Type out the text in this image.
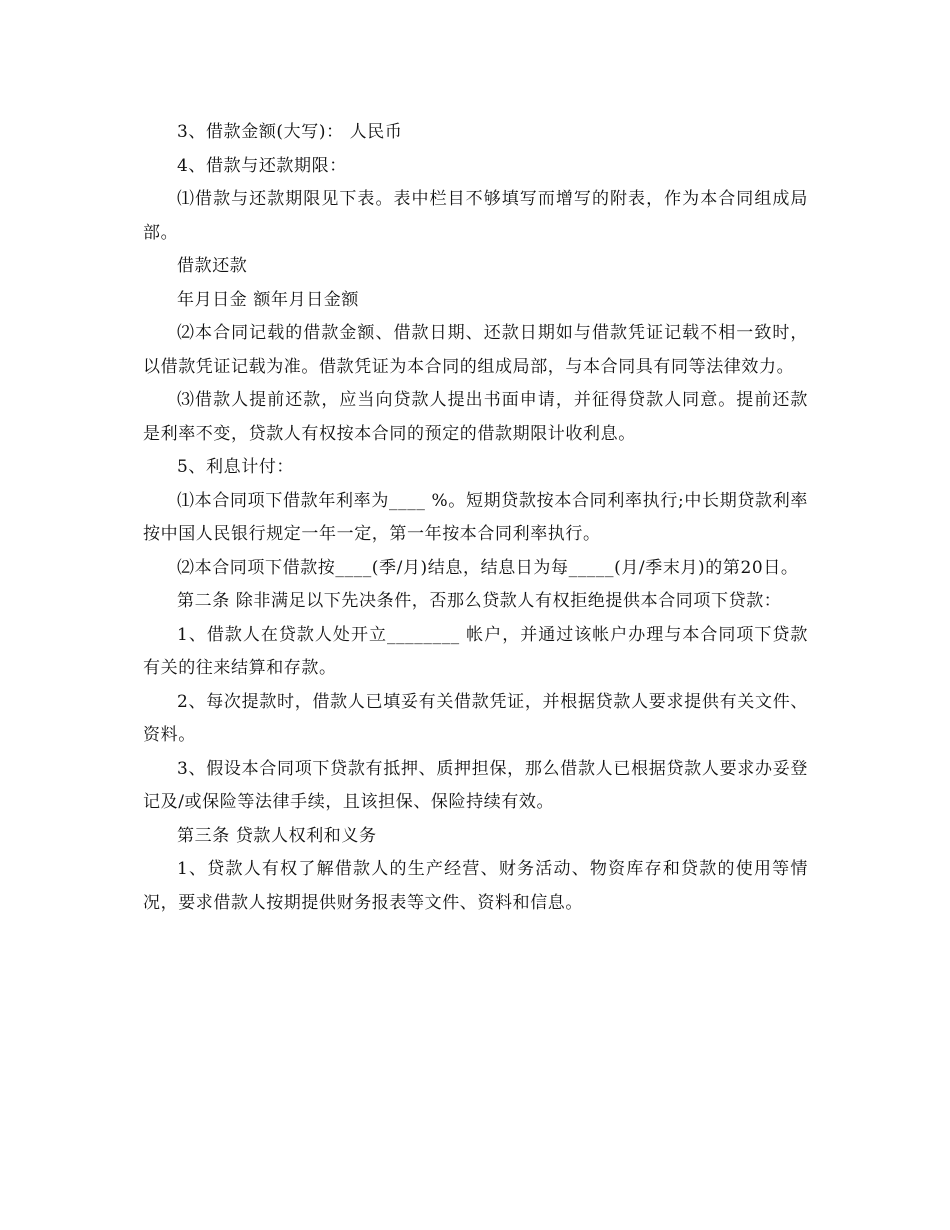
3、借款金额(大写)： 人民币

4、借款与还款期限：

⑴借款与还款期限见下表。表中栏目不够填写而增写的附表，作为本合同组成局部。

借款还款

年月日金 额年月日金额

⑵本合同记载的借款金额、借款日期、还款日期如与借款凭证记载不相一致时，以借款凭证记载为准。借款凭证为本合同的组成局部，与本合同具有同等法律效力。

⑶借款人提前还款，应当向贷款人提出书面申请，并征得贷款人同意。提前还款是利率不变，贷款人有权按本合同的预定的借款期限计收利息。

5、利息计付：

⑴本合同项下借款年利率为____ %。短期贷款按本合同利率执行;中长期贷款利率按中国人民银行规定一年一定，第一年按本合同利率执行。

⑵本合同项下借款按____(季/月)结息，结息日为每_____(月/季末月)的第20日。

第二条 除非满足以下先决条件，否那么贷款人有权拒绝提供本合同项下贷款：

1、借款人在贷款人处开立________ 帐户，并通过该帐户办理与本合同项下贷款有关的往来结算和存款。

2、每次提款时，借款人已填妥有关借款凭证，并根据贷款人要求提供有关文件、资料。

3、假设本合同项下贷款有抵押、质押担保，那么借款人已根据贷款人要求办妥登记及/或保险等法律手续，且该担保、保险持续有效。

第三条 贷款人权利和义务

1、贷款人有权了解借款人的生产经营、财务活动、物资库存和贷款的使用等情况，要求借款人按期提供财务报表等文件、资料和信息。
